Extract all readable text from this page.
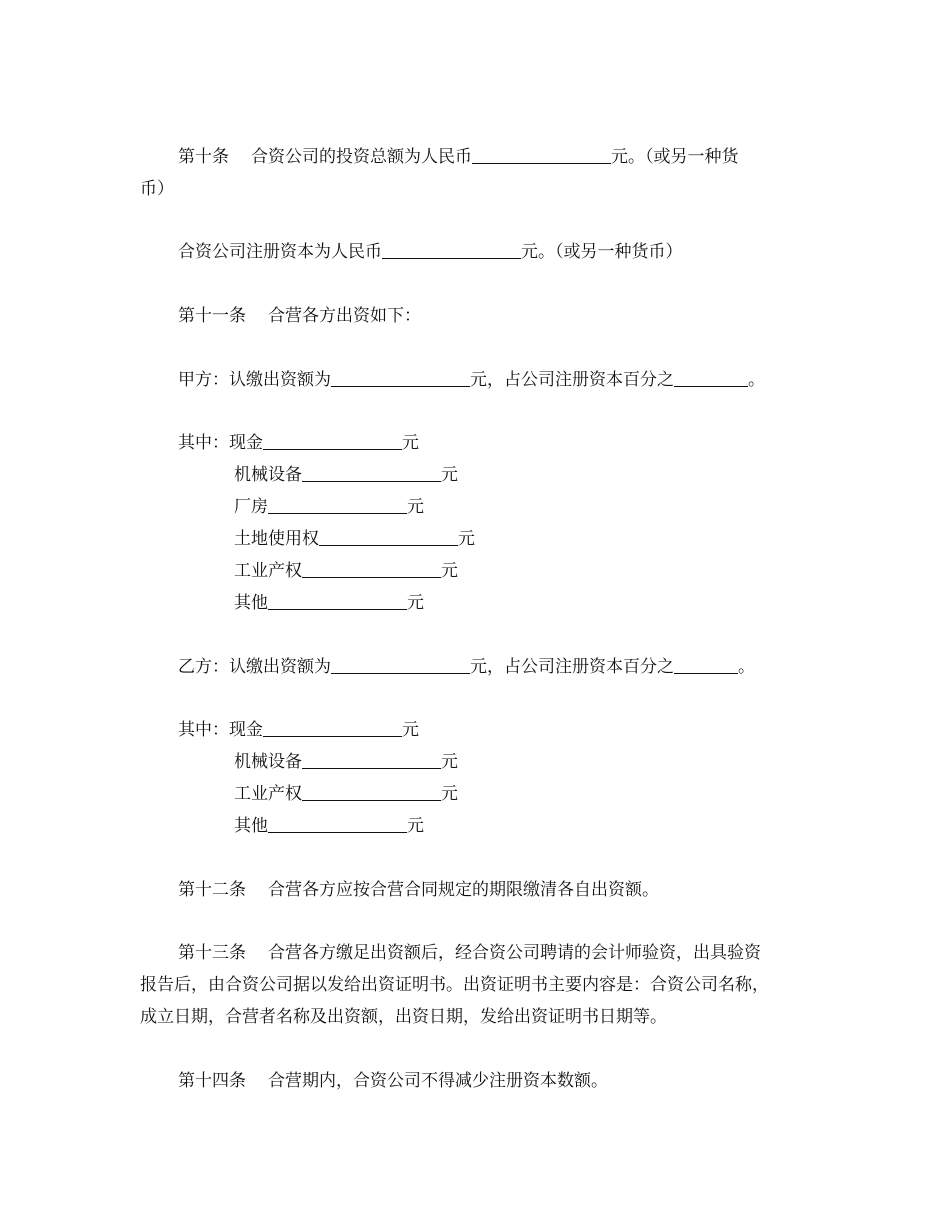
第十条 合资公司的投资总额为人民币	元。（或另一种货
币）
合资公司注册资本为人民币	元。（或另一种货币）
第十一条 合营各方出资如下：
甲方：认缴出资额为	元，占公司注册资本百分之	。
其中：现金	元
机械设备	元
厂房	元
土地使用权	元
工业产权	元
其他	元
乙方：认缴出资额为	元，占公司注册资本百分之	。
其中：现金	元
机械设备	元
工业产权	元
其他	元
第十二条 合营各方应按合营合同规定的期限缴清各自出资额。
第十三条 合营各方缴足出资额后，经合资公司聘请的会计师验资，出具验资
报告后，由合资公司据以发给出资证明书。出资证明书主要内容是：合资公司名称，
成立日期，合营者名称及出资额，出资日期，发给出资证明书日期等。
第十四条 合营期内，合资公司不得减少注册资本数额。
